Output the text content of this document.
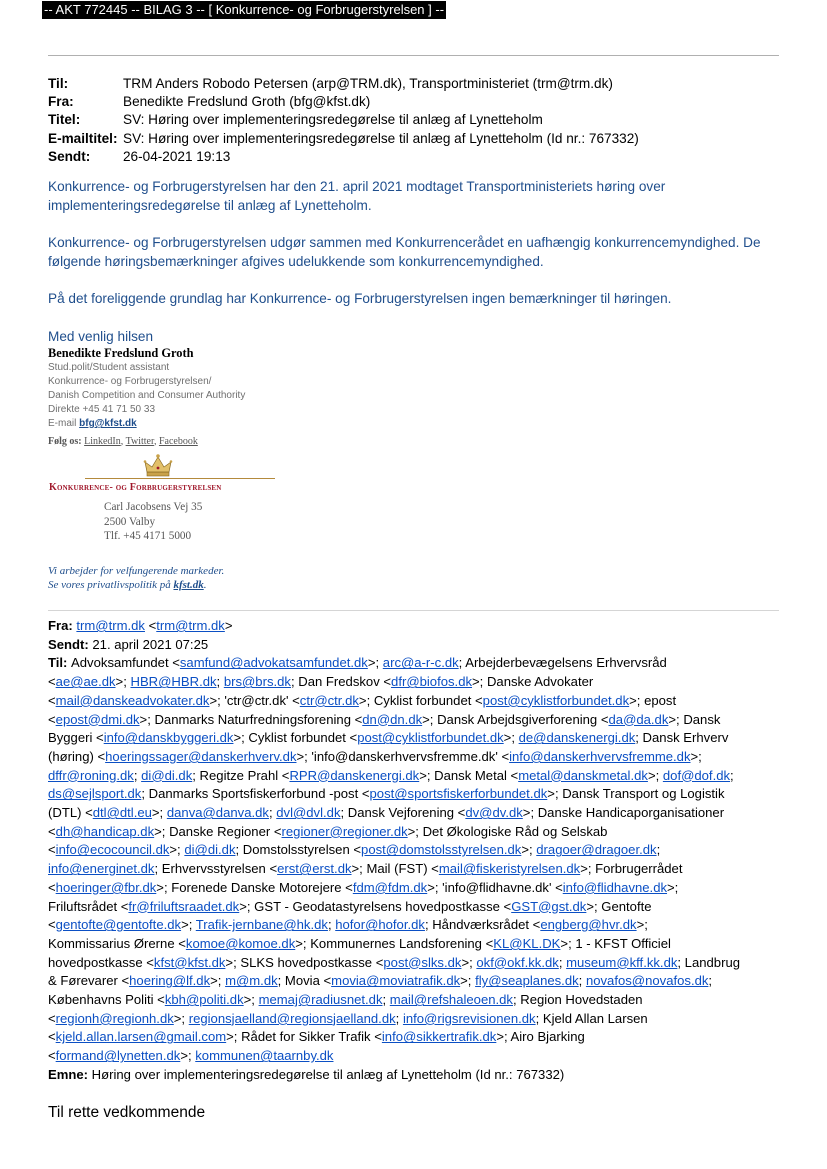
-- AKT 772445 -- BILAG 3 -- [ Konkurrence- og Forbrugerstyrelsen ] --
Til:	TRM Anders Robodo Petersen (arp@TRM.dk), Transportministeriet (trm@trm.dk)
Fra:	Benedikte Fredslund Groth (bfg@kfst.dk)
Titel:	SV: Høring over implementeringsredegørelse til anlæg af Lynetteholm
E-mailtitel: SV: Høring over implementeringsredegørelse til anlæg af Lynetteholm (Id nr.: 767332)
Sendt:	26-04-2021 19:13
Konkurrence- og Forbrugerstyrelsen har den 21. april 2021 modtaget Transportministeriets høring over implementeringsredegørelse til anlæg af Lynetteholm.
Konkurrence- og Forbrugerstyrelsen udgør sammen med Konkurrencerådet en uafhængig konkurrencemyndighed. De følgende høringsbemærkninger afgives udelukkende som konkurrencemyndighed.
På det foreliggende grundlag har Konkurrence- og Forbrugerstyrelsen ingen bemærkninger til høringen.
Med venlig hilsen
Benedikte Fredslund Groth
Stud.polit/Student assistant
Konkurrence- og Forbrugerstyrelsen/
Danish Competition and Consumer Authority
Direkte +45 41 71 50 33
E-mail bfg@kfst.dk
Følg os: LinkedIn, Twitter, Facebook
Konkurrence- og Forbrugerstyrelsen
Carl Jacobsens Vej 35
2500 Valby
Tlf. +45 4171 5000
Vi arbejder for velfungerende markeder.
Se vores privatlivspolitik på kfst.dk.
Fra: trm@trm.dk <trm@trm.dk>
Sendt: 21. april 2021 07:25
Til: Advoksamfundet <samfund@advokatsamfundet.dk>; arc@a-r-c.dk; Arbejderbevægelsens Erhvervsråd
<ae@ae.dk>; HBR@HBR.dk; brs@brs.dk; Dan Fredskov <dfr@biofos.dk>; Danske Advokater
<mail@danskeadvokater.dk>; 'ctr@ctr.dk' <ctr@ctr.dk>; Cyklist forbundet <post@cyklistforbundet.dk>; epost
<epost@dmi.dk>; Danmarks Naturfredningsforening <dn@dn.dk>; Dansk Arbejdsgiverforening <da@da.dk>; Dansk
Byggeri <info@danskbyggeri.dk>; Cyklist forbundet <post@cyklistforbundet.dk>; de@danskenergi.dk; Dansk Erhverv
(høring) <hoeringssager@danskerhverv.dk>; 'info@danskerhvervsfremme.dk' <info@danskerhvervsfremme.dk>;
dffr@roning.dk; di@di.dk; Regitze Prahl <RPR@danskenergi.dk>; Dansk Metal <metal@danskmetal.dk>; dof@dof.dk;
ds@sejlsport.dk; Danmarks Sportsfiskerforbund -post <post@sportsfiskerforbundet.dk>; Dansk Transport og Logistik
(DTL) <dtl@dtl.eu>; danva@danva.dk; dvl@dvl.dk; Dansk Vejforening <dv@dv.dk>; Danske Handicaporganisationer
<dh@handicap.dk>; Danske Regioner <regioner@regioner.dk>; Det Økologiske Råd og Selskab
<info@ecocouncil.dk>; di@di.dk; Domstolsstyrelsen <post@domstolsstyrelsen.dk>; dragoer@dragoer.dk;
info@energinet.dk; Erhvervsstyrelsen <erst@erst.dk>; Mail (FST) <mail@fiskeristyrelsen.dk>; Forbrugerrådet
<hoeringer@fbr.dk>; Forenede Danske Motorejere <fdm@fdm.dk>; 'info@flidhavne.dk' <info@flidhavne.dk>;
Friluftsrådet <fr@friluftsraadet.dk>; GST - Geodatastyrelsens hovedpostkasse <GST@gst.dk>; Gentofte
<gentofte@gentofte.dk>; Trafik-jernbane@hk.dk; hofor@hofor.dk; Håndværksrådet <engberg@hvr.dk>;
Kommissarius Ørerne <komoe@komoe.dk>; Kommunernes Landsforening <KL@KL.DK>; 1 - KFST Officiel
hovedpostkasse <kfst@kfst.dk>; SLKS hovedpostkasse <post@slks.dk>; okf@okf.kk.dk; museum@kff.kk.dk; Landbrug
& Førevarer <hoering@lf.dk>; m@m.dk; Movia <movia@moviatrafik.dk>; fly@seaplanes.dk; novafos@novafos.dk;
Københavns Politi <kbh@politi.dk>; memaj@radiusnet.dk; mail@refshaleoen.dk; Region Hovedstaden
<regionh@regionh.dk>; regionsjaelland@regionsjaelland.dk; info@rigsrevisionen.dk; Kjeld Allan Larsen
<kjeld.allan.larsen@gmail.com>; Rådet for Sikker Trafik <info@sikkertrafik.dk>; Airo Bjarking
<formand@lynetten.dk>; kommunen@taarnby.dk
Emne: Høring over implementeringsredegørelse til anlæg af Lynetteholm (Id nr.: 767332)
Til rette vedkommende
